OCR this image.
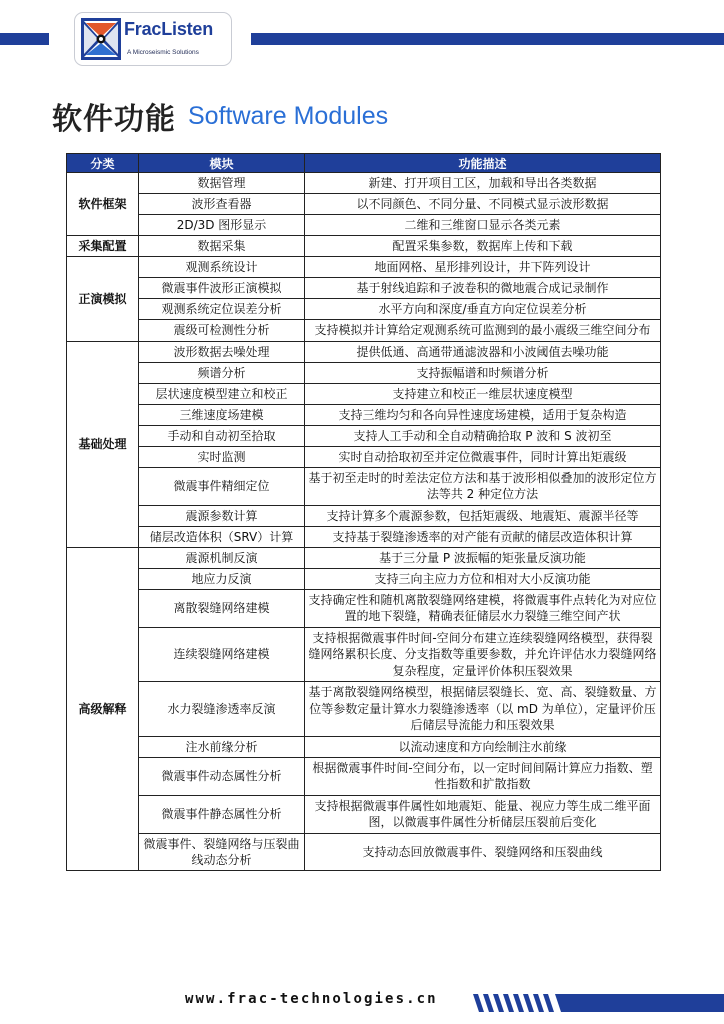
FracListen
A Microseismic Solutions
软件功能 Software Modules
分类	模块	功能描述
软件框架	数据管理	新建、打开项目工区，加载和导出各类数据
	波形查看器	以不同颜色、不同分量、不同模式显示波形数据
	2D/3D 图形显示	二维和三维窗口显示各类元素
采集配置	数据采集	配置采集参数，数据库上传和下载
正演模拟	观测系统设计	地面网格、星形排列设计，井下阵列设计
	微震事件波形正演模拟	基于射线追踪和子波卷积的微地震合成记录制作
	观测系统定位误差分析	水平方向和深度/垂直方向定位误差分析
	震级可检测性分析	支持模拟并计算给定观测系统可监测到的最小震级三维空间分布
基础处理	波形数据去噪处理	提供低通、高通带通滤波器和小波阈值去噪功能
	频谱分析	支持振幅谱和时频谱分析
	层状速度模型建立和校正	支持建立和校正一维层状速度模型
	三维速度场建模	支持三维均匀和各向异性速度场建模，适用于复杂构造
	手动和自动初至拾取	支持人工手动和全自动精确拾取 P 波和 S 波初至
	实时监测	实时自动拾取初至并定位微震事件，同时计算出矩震级
	微震事件精细定位	基于初至走时的时差法定位方法和基于波形相似叠加的波形定位方法等共 2 种定位方法
	震源参数计算	支持计算多个震源参数，包括矩震级、地震矩、震源半径等
	储层改造体积（SRV）计算	支持基于裂缝渗透率的对产能有贡献的储层改造体积计算
高级解释	震源机制反演	基于三分量 P 波振幅的矩张量反演功能
	地应力反演	支持三向主应力方位和相对大小反演功能
	离散裂缝网络建模	支持确定性和随机离散裂缝网络建模，将微震事件点转化为对应位置的地下裂缝，精确表征储层水力裂缝三维空间产状
	连续裂缝网络建模	支持根据微震事件时间-空间分布建立连续裂缝网络模型，获得裂缝网络累积长度、分支指数等重要参数，并允许评估水力裂缝网络复杂程度，定量评价体积压裂效果
	水力裂缝渗透率反演	基于离散裂缝网络模型，根据储层裂缝长、宽、高、裂缝数量、方位等参数定量计算水力裂缝渗透率（以 mD 为单位），定量评价压后储层导流能力和压裂效果
	注水前缘分析	以流动速度和方向绘制注水前缘
	微震事件动态属性分析	根据微震事件时间-空间分布，以一定时间间隔计算应力指数、塑性指数和扩散指数
	微震事件静态属性分析	支持根据微震事件属性如地震矩、能量、视应力等生成二维平面图，以微震事件属性分析储层压裂前后变化
	微震事件、裂缝网络与压裂曲线动态分析	支持动态回放微震事件、裂缝网络和压裂曲线
www.frac-technologies.cn
